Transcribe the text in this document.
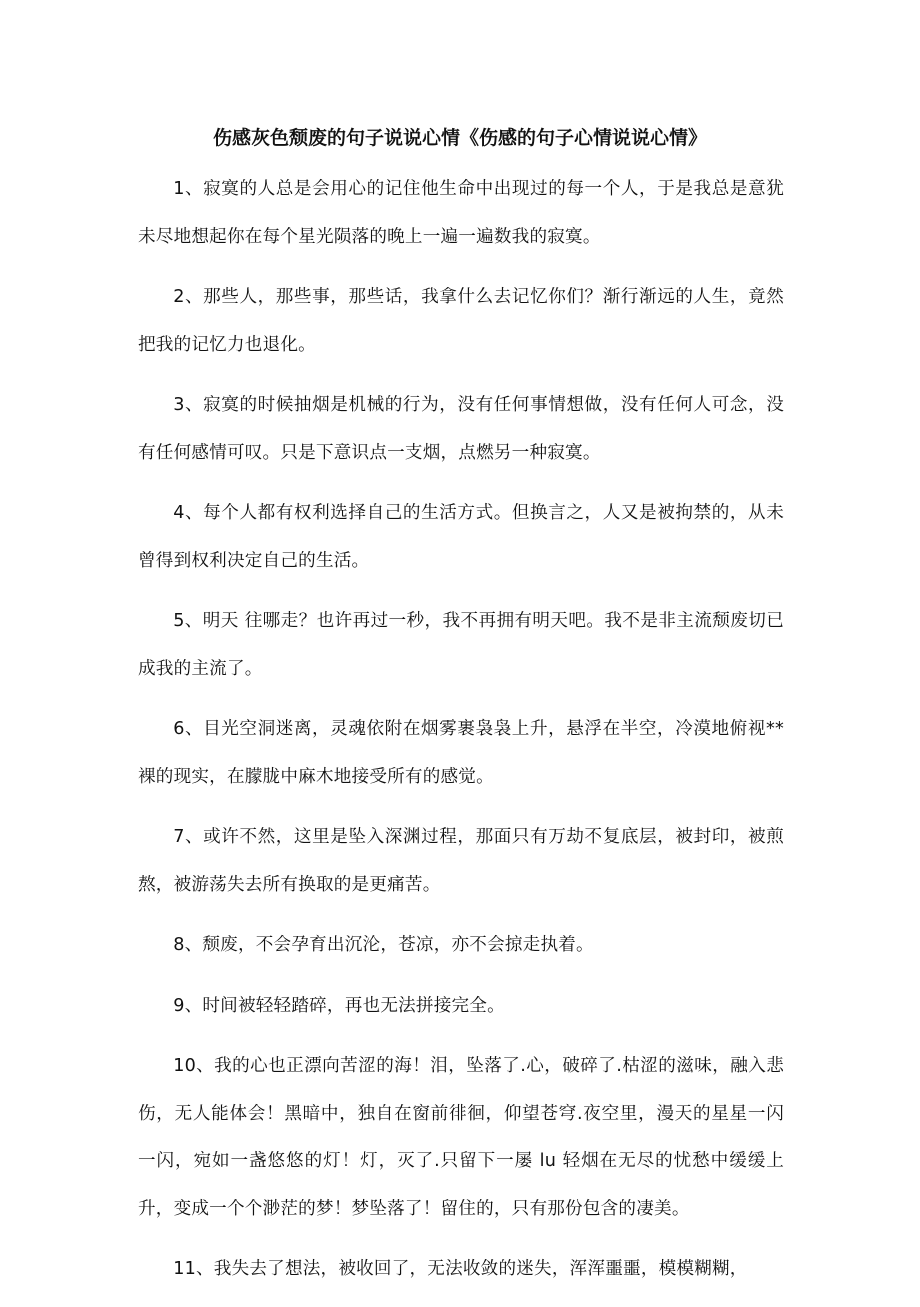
伤感灰色颓废的句子说说心情《伤感的句子心情说说心情》

1、寂寞的人总是会用心的记住他生命中出现过的每一个人，于是我总是意犹未尽地想起你在每个星光陨落的晚上一遍一遍数我的寂寞。

2、那些人，那些事，那些话，我拿什么去记忆你们？渐行渐远的人生，竟然把我的记忆力也退化。

3、寂寞的时候抽烟是机械的行为，没有任何事情想做，没有任何人可念，没有任何感情可叹。只是下意识点一支烟，点燃另一种寂寞。

4、每个人都有权利选择自己的生活方式。但换言之，人又是被拘禁的，从未曾得到权利决定自己的生活。

5、明天 往哪走？也许再过一秒，我不再拥有明天吧。我不是非主流颓废切已成我的主流了。

6、目光空洞迷离，灵魂依附在烟雾裹袅袅上升，悬浮在半空，冷漠地俯视**裸的现实，在朦胧中麻木地接受所有的感觉。

7、或许不然，这里是坠入深渊过程，那面只有万劫不复底层，被封印，被煎熬，被游荡失去所有换取的是更痛苦。

8、颓废，不会孕育出沉沦，苍凉，亦不会掠走执着。

9、时间被轻轻踏碎，再也无法拼接完全。

10、我的心也正漂向苦涩的海！泪，坠落了.心，破碎了.枯涩的滋味，融入悲伤，无人能体会！黑暗中，独自在窗前徘徊，仰望苍穹.夜空里，漫天的星星一闪一闪，宛如一盏悠悠的灯！灯，灭了.只留下一屡 lu 轻烟在无尽的忧愁中缓缓上升，变成一个个渺茫的梦！梦坠落了！留住的，只有那份包含的凄美。

11、我失去了想法，被收回了，无法收敛的迷失，浑浑噩噩，模模糊糊，
